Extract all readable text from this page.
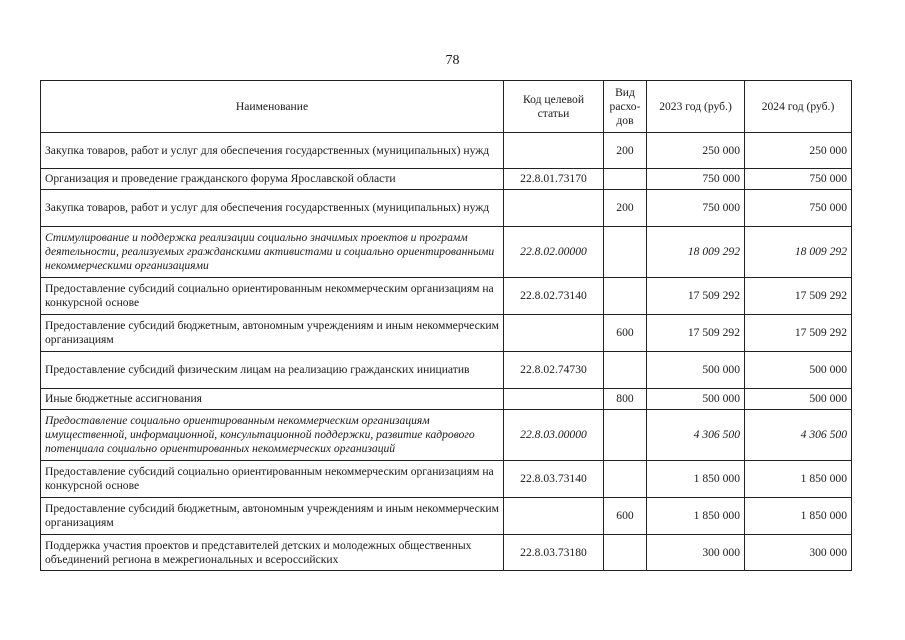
78
Наименование	Код целевой статьи	Вид расхо-дов	2023 год (руб.)	2024 год (руб.)
Закупка товаров, работ и услуг для обеспечения государственных (муниципальных) нужд		200	250 000	250 000
Организация и проведение гражданского форума Ярославской области	22.8.01.73170		750 000	750 000
Закупка товаров, работ и услуг для обеспечения государственных (муниципальных) нужд		200	750 000	750 000
Стимулирование и поддержка реализации социально значимых проектов и программ деятельности, реализуемых гражданскими активистами и социально ориентированными некоммерческими организациями	22.8.02.00000		18 009 292	18 009 292
Предоставление субсидий социально ориентированным некоммерческим организациям на конкурсной основе	22.8.02.73140		17 509 292	17 509 292
Предоставление субсидий бюджетным, автономным учреждениям и иным некоммерческим организациям		600	17 509 292	17 509 292
Предоставление субсидий физическим лицам на реализацию гражданских инициатив	22.8.02.74730		500 000	500 000
Иные бюджетные ассигнования		800	500 000	500 000
Предоставление социально ориентированным некоммерческим организациям имущественной, информационной, консультационной поддержки, развитие кадрового потенциала социально ориентированных некоммерческих организаций	22.8.03.00000		4 306 500	4 306 500
Предоставление субсидий социально ориентированным некоммерческим организациям на конкурсной основе	22.8.03.73140		1 850 000	1 850 000
Предоставление субсидий бюджетным, автономным учреждениям и иным некоммерческим организациям		600	1 850 000	1 850 000
Поддержка участия проектов и представителей детских и молодежных общественных объединений региона в межрегиональных и всероссийских	22.8.03.73180		300 000	300 000
